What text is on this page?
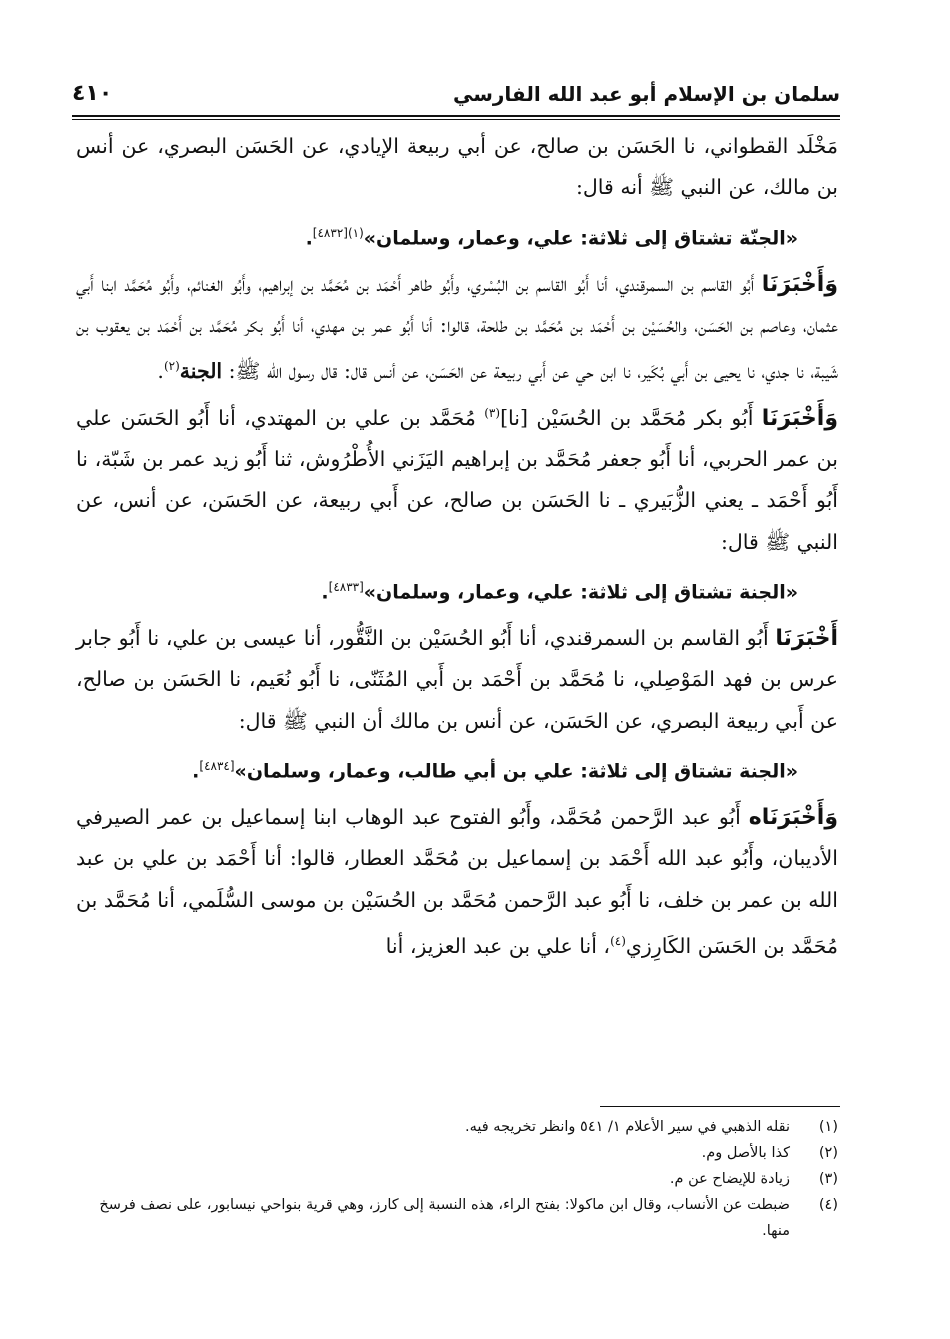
سلمان بن الإسلام أبو عبد الله الفارسي
٤١٠

مَخْلَد القطواني، نا الحَسَن بن صالح، عن أبي ربيعة الإيادي، عن الحَسَن البصري، عن أنس بن مالك، عن النبي ﷺ أنه قال:

«الجنّة تشتاق إلى ثلاثة: علي، وعمار، وسلمان»$^{(١)[٤٨٣٢]}$.

وَأَخْبَرَنَا أَبُو القاسم بن السمرقندي، أنا أَبُو القاسم بن البُسْري، وأَبُو طاهر أَحْمَد بن مُحَمَّد بن إبراهيم، وأَبُو الغنائم، وأَبُو مُحَمَّد ابنا أَبي عثمان، وعاصم بن الحَسَن، والحُسَيْن بن أَحْمَد بن مُحَمَّد بن طلحة، قالوا: أنا أَبُو عمر بن مهدي، أنا أَبُو بكر مُحَمَّد بن أَحْمَد بن يعقوب بن شَيبة، نا جدي، نا يحيى بن أَبي بُكَير، نا ابن حي عن أَبي ربيعة عن الحَسَن، عن أنس قال: قال رسول الله ﷺ: الجنة$^{(٢)}$.

وَأَخْبَرَنَا أَبُو بكر مُحَمَّد بن الحُسَيْن [نا]$^{(٣)}$ مُحَمَّد بن علي بن المهتدي، أنا أَبُو الحَسَن علي بن عمر الحربي، أنا أَبُو جعفر مُحَمَّد بن إبراهيم اليَزَني الأُطْرُوش، ثنا أَبُو زيد عمر بن شَبّة، نا أَبُو أَحْمَد ـ يعني الزُّبَيري ـ نا الحَسَن بن صالح، عن أَبي ربيعة، عن الحَسَن، عن أنس، عن النبي ﷺ قال:

«الجنة تشتاق إلى ثلاثة: علي، وعمار، وسلمان»[٤٨٣٣].

أَخْبَرَنَا أَبُو القاسم بن السمرقندي، أنا أَبُو الحُسَيْن بن النَّقُّور، أنا عيسى بن علي، نا أَبُو جابر عرس بن فهد المَوْصِلي، نا مُحَمَّد بن أَحْمَد بن أَبي المُثَنّى، نا أَبُو نُعَيم، نا الحَسَن بن صالح، عن أَبي ربيعة البصري، عن الحَسَن، عن أنس بن مالك أن النبي ﷺ قال:

«الجنة تشتاق إلى ثلاثة: علي بن أبي طالب، وعمار، وسلمان»[٤٨٣٤].

وَأَخْبَرَنَاه أَبُو عبد الرَّحمن مُحَمَّد، وأَبُو الفتوح عبد الوهاب ابنا إسماعيل بن عمر الصيرفي الأديبان، وأَبُو عبد الله أَحْمَد بن إسماعيل بن مُحَمَّد العطار، قالوا: أنا أَحْمَد بن علي بن عبد الله بن عمر بن خلف، نا أَبُو عبد الرَّحمن مُحَمَّد بن الحُسَيْن بن موسى السُّلَمي، أنا مُحَمَّد بن مُحَمَّد بن الحَسَن الكَارِزي$^{(٤)}$، أنا علي بن عبد العزيز، أنا

(١)
نقله الذهبي في سير الأعلام ١/ ٥٤١ وانظر تخريجه فيه.
(٢)
كذا بالأصل وم.
(٣)
زيادة للإيضاح عن م.
(٤)
ضبطت عن الأنساب، وقال ابن ماكولا: بفتح الراء، هذه النسبة إلى كارز، وهي قرية بنواحي نيسابور، على نصف فرسخ منها.
